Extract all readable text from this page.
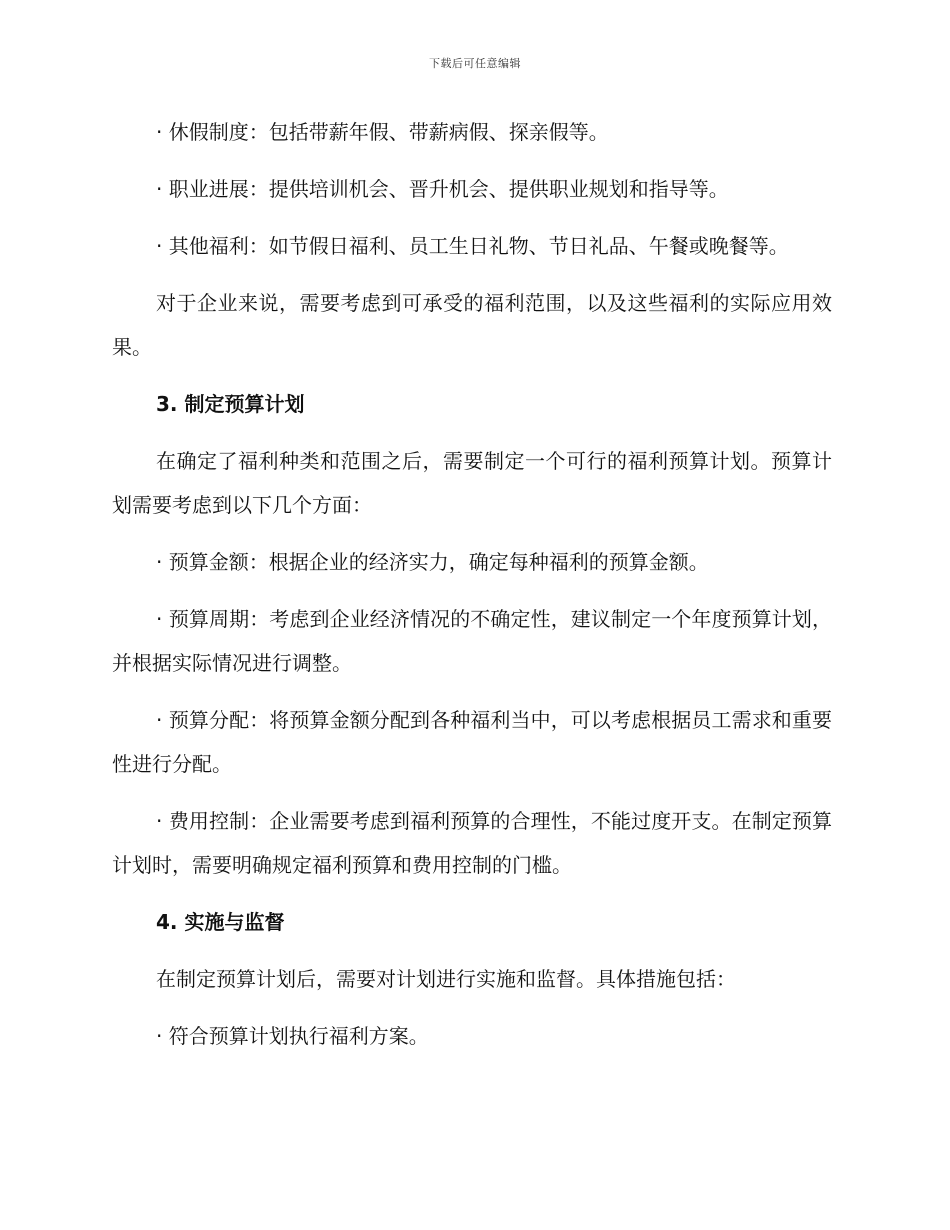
下载后可任意编辑

· 休假制度：包括带薪年假、带薪病假、探亲假等。

· 职业进展：提供培训机会、晋升机会、提供职业规划和指导等。

· 其他福利：如节假日福利、员工生日礼物、节日礼品、午餐或晚餐等。

对于企业来说，需要考虑到可承受的福利范围，以及这些福利的实际应用效果。

3. 制定预算计划

在确定了福利种类和范围之后，需要制定一个可行的福利预算计划。预算计划需要考虑到以下几个方面：

· 预算金额：根据企业的经济实力，确定每种福利的预算金额。

· 预算周期：考虑到企业经济情况的不确定性，建议制定一个年度预算计划，并根据实际情况进行调整。

· 预算分配：将预算金额分配到各种福利当中，可以考虑根据员工需求和重要性进行分配。

· 费用控制：企业需要考虑到福利预算的合理性，不能过度开支。在制定预算计划时，需要明确规定福利预算和费用控制的门槛。

4. 实施与监督

在制定预算计划后，需要对计划进行实施和监督。具体措施包括：

· 符合预算计划执行福利方案。
